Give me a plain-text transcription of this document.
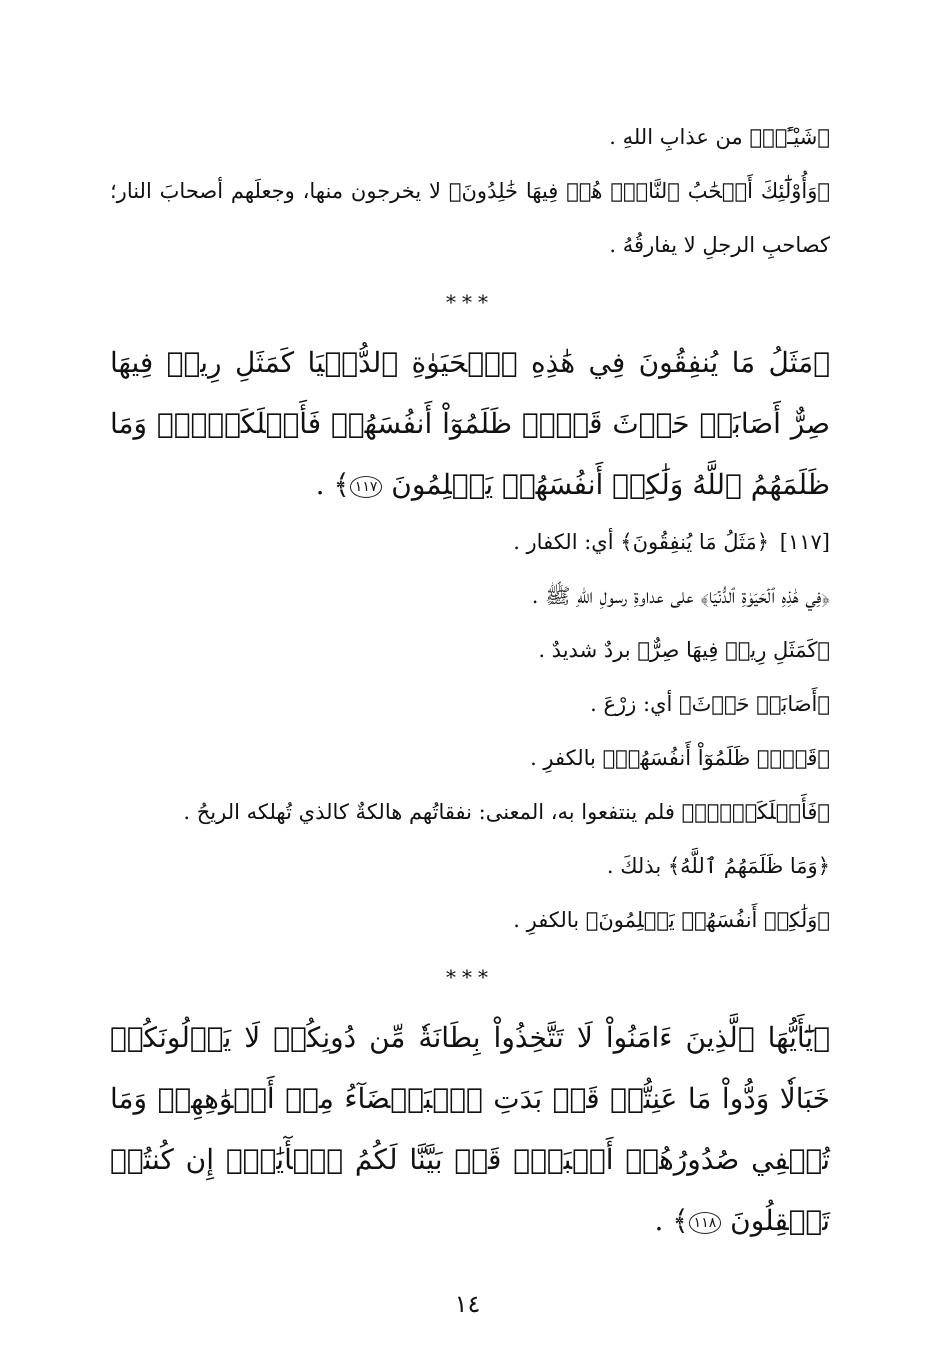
﴿شَيْـًٔاۖ﴾ من عذابِ اللهِ .

﴿وَأُوْلَٰٓئِكَ أَصۡحَٰبُ ٱلنَّارِۖ هُمۡ فِيهَا خَٰلِدُونَ﴾ لا يخرجون منها، وجعلَهم أصحابَ النار؛ كصاحبِ الرجلِ لا يفارقُهُ .

***

﴿مَثَلُ مَا يُنفِقُونَ فِي هَٰذِهِ ٱلۡحَيَوٰةِ ٱلدُّنۡيَا كَمَثَلِ رِيحٖ فِيهَا صِرٌّ أَصَابَتۡ حَرۡثَ قَوۡمٖ ظَلَمُوٓاْ أَنفُسَهُمۡ فَأَهۡلَكَتۡهُۚ وَمَا ظَلَمَهُمُ ٱللَّهُ وَلَٰكِنۡ أَنفُسَهُمۡ يَظۡلِمُونَ ١١٧﴾ .

[١١٧] ﴿مَثَلُ مَا يُنفِقُونَ﴾ أي: الكفار .

﴿فِي هَٰذِهِ ٱلۡحَيَوٰةِ ٱلدُّنۡيَا﴾ على عداوةِ رسولِ اللهِ ﷺ .

﴿كَمَثَلِ رِيحٖ فِيهَا صِرٌّ﴾ بردٌ شديدٌ .

﴿أَصَابَتۡ حَرۡثَ﴾ أي: زرْعَ .

﴿قَوۡمٖ ظَلَمُوٓاْ أَنفُسَهُمۡ﴾ بالكفرِ .

﴿فَأَهۡلَكَتۡهُۚ﴾ فلم ينتفعوا به، المعنى: نفقاتُهم هالكةٌ كالذي تُهلكه الريحُ .

﴿وَمَا ظَلَمَهُمُ ٱللَّهُ﴾ بذلكَ .

﴿وَلَٰكِنۡ أَنفُسَهُمۡ يَظۡلِمُونَ﴾ بالكفرِ .

***

﴿يَٰٓأَيُّهَا ٱلَّذِينَ ءَامَنُواْ لَا تَتَّخِذُواْ بِطَانَةٗ مِّن دُونِكُمۡ لَا يَأۡلُونَكُمۡ خَبَالٗا وَدُّواْ مَا عَنِتُّمۡ قَدۡ بَدَتِ ٱلۡبَغۡضَآءُ مِنۡ أَفۡوَٰهِهِمۡ وَمَا تُخۡفِي صُدُورُهُمۡ أَكۡبَرُۚ قَدۡ بَيَّنَّا لَكُمُ ٱلۡأٓيَٰتِۖ إِن كُنتُمۡ تَعۡقِلُونَ ١١٨﴾ .

١٤
